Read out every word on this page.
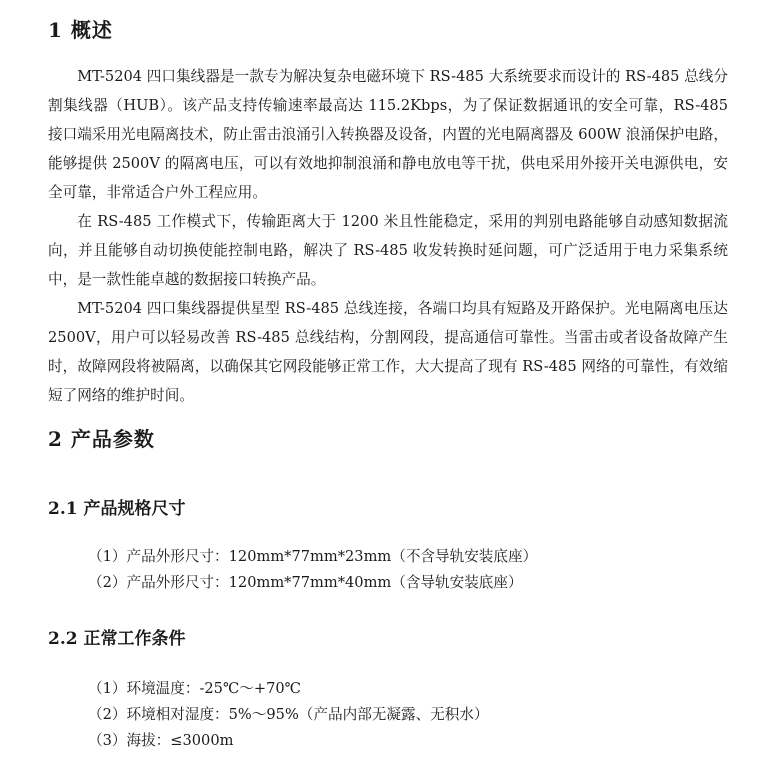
1 概述

MT-5204 四口集线器是一款专为解决复杂电磁环境下 RS-485 大系统要求而设计的 RS-485 总线分割集线器（HUB）。该产品支持传输速率最高达 115.2Kbps，为了保证数据通讯的安全可靠，RS-485 接口端采用光电隔离技术，防止雷击浪涌引入转换器及设备，内置的光电隔离器及 600W 浪涌保护电路，能够提供 2500V 的隔离电压，可以有效地抑制浪涌和静电放电等干扰，供电采用外接开关电源供电，安全可靠，非常适合户外工程应用。

在 RS-485 工作模式下，传输距离大于 1200 米且性能稳定，采用的判别电路能够自动感知数据流向，并且能够自动切换使能控制电路，解决了 RS-485 收发转换时延问题，可广泛适用于电力采集系统中，是一款性能卓越的数据接口转换产品。

MT-5204 四口集线器提供星型 RS-485 总线连接，各端口均具有短路及开路保护。光电隔离电压达 2500V，用户可以轻易改善 RS-485 总线结构，分割网段，提高通信可靠性。当雷击或者设备故障产生时，故障网段将被隔离，以确保其它网段能够正常工作，大大提高了现有 RS-485 网络的可靠性，有效缩短了网络的维护时间。

2 产品参数
2.1 产品规格尺寸
（1）产品外形尺寸：120mm*77mm*23mm（不含导轨安装底座）
（2）产品外形尺寸：120mm*77mm*40mm（含导轨安装底座）
2.2 正常工作条件
（1）环境温度：-25℃～+70℃
（2）环境相对湿度：5%～95%（产品内部无凝露、无积水）
（3）海拔：≤3000m
